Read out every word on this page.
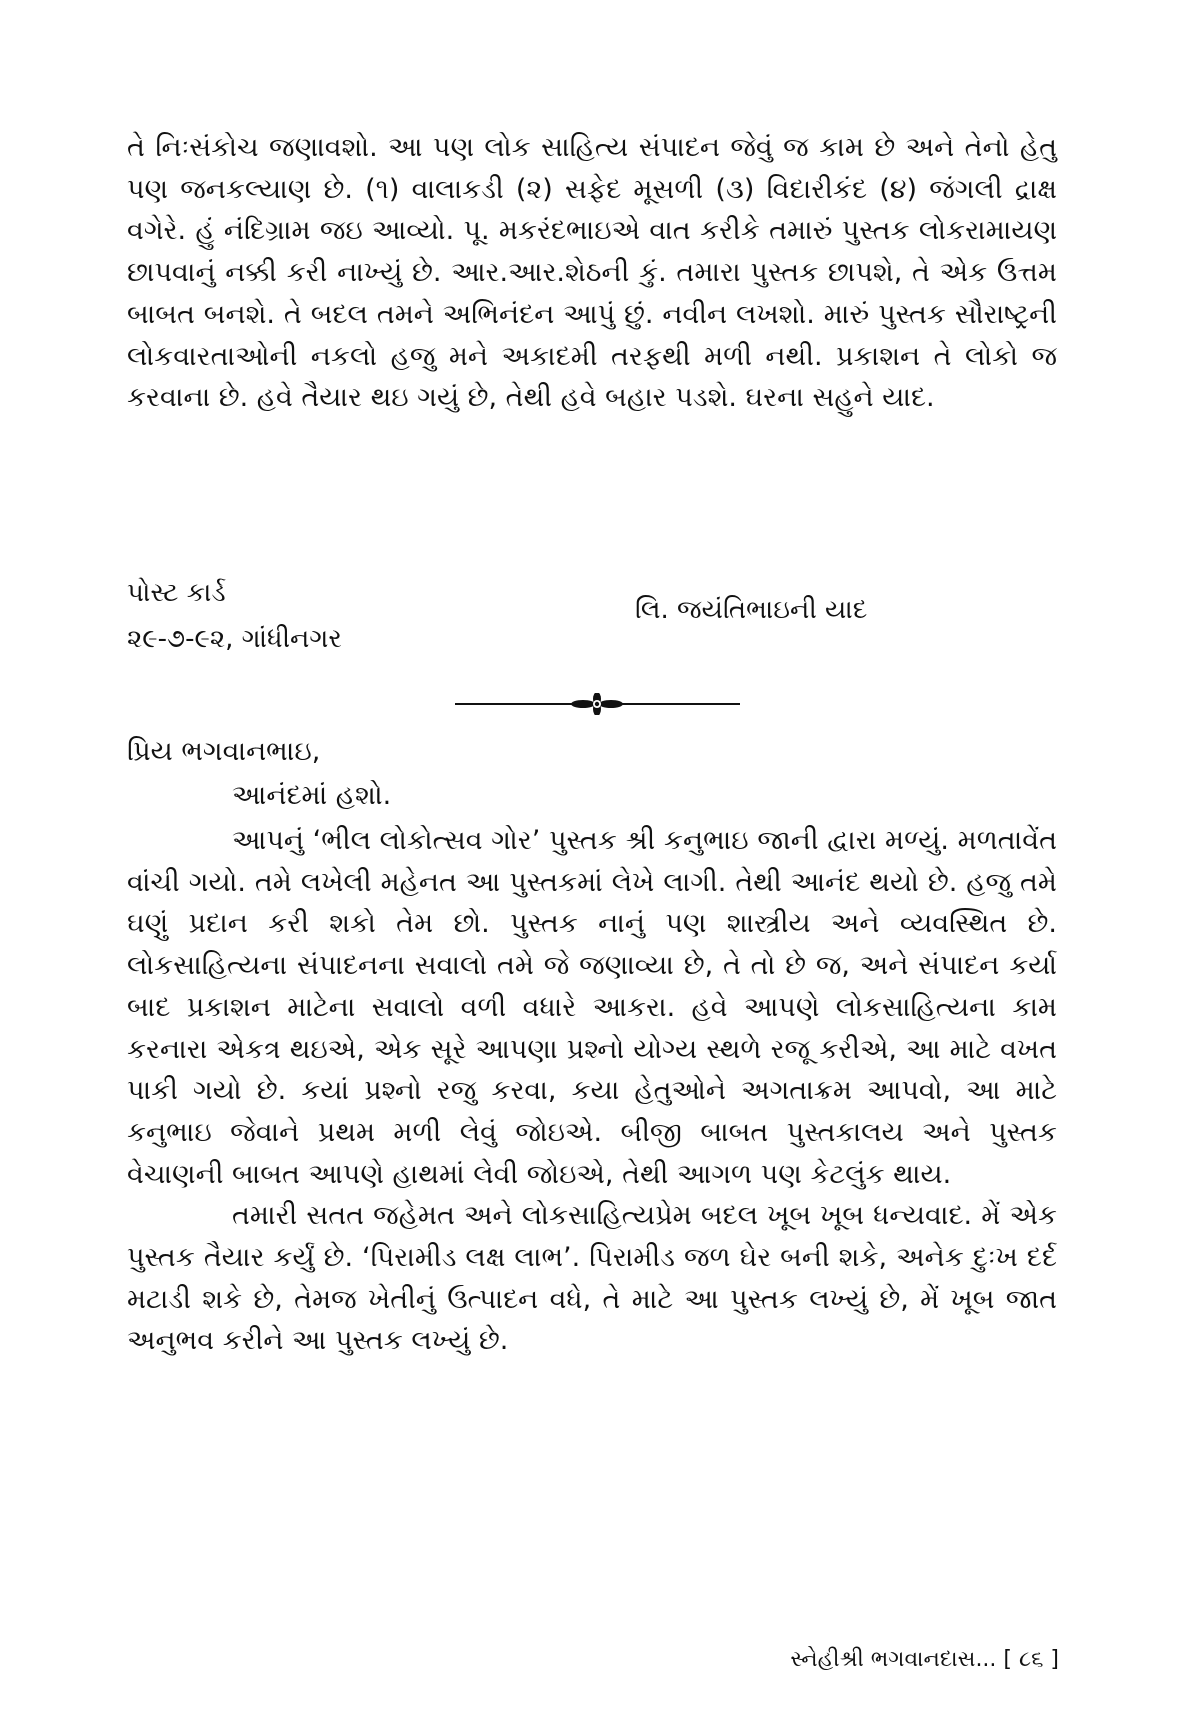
તે નિઃસંકોચ જણાવશો. આ પણ લોક સાહિત્ય સંપાદન જેવું જ કામ છે અને તેનો હેતુ પણ જનકલ્યાણ છે. (૧) વાલાકડી (૨) સફેદ મૂસળી (૩) વિદારીકંદ (૪) જંગલી દ્રાક્ષ વગેરે. હું નંદિગ્રામ જઇ આવ્યો. પૂ. મકરંદભાઇએ વાત કરીકે તમારું પુસ્તક લોકરામાયણ છાપવાનું નક્કી કરી નાખ્યું છે. આર.આર.શેઠની કું. તમારા પુસ્તક છાપશે, તે એક ઉત્તમ બાબત બનશે. તે બદલ તમને અભિનંદન આપું છું. નવીન લખશો. મારું પુસ્તક સૌરાષ્ટ્રની લોકવારતાઓની નકલો હજુ મને અકાદમી તરફથી મળી નથી. પ્રકાશન તે લોકો જ કરવાના છે. હવે તૈયાર થઇ ગયું છે, તેથી હવે બહાર પડશે. ઘરના સહુને યાદ.

પોસ્ટ કાર્ડ
૨૯-૭-૯૨, ગાંધીનગર
લિ. જયંતિભાઇની યાદ

પ્રિય ભગવાનભાઇ,

આનંદમાં હશો.

આપનું ‘ભીલ લોકોત્સવ ગોર’ પુસ્તક શ્રી કનુભાઇ જાની દ્વારા મળ્યું. મળતાવેંત વાંચી ગયો. તમે લખેલી મહેનત આ પુસ્તકમાં લેખે લાગી. તેથી આનંદ થયો છે. હજુ તમે ઘણું પ્રદાન કરી શકો તેમ છો. પુસ્તક નાનું પણ શાસ્ત્રીય અને વ્યવસ્થિત છે. લોકસાહિત્યના સંપાદનના સવાલો તમે જે જણાવ્યા છે, તે તો છે જ, અને સંપાદન કર્યા બાદ પ્રકાશન માટેના સવાલો વળી વધારે આકરા. હવે આપણે લોકસાહિત્યના કામ કરનારા એકત્ર થઇએ, એક સૂરે આપણા પ્રશ્નો યોગ્ય સ્થળે રજૂ કરીએ, આ માટે વખત પાકી ગયો છે. કયાં પ્રશ્નો રજુ કરવા, કયા હેતુઓને અગતાક્રમ આપવો, આ માટે કનુભાઇ જેવાને પ્રથમ મળી લેવું જોઇએ. બીજી બાબત પુસ્તકાલય અને પુસ્તક વેચાણની બાબત આપણે હાથમાં લેવી જોઇએ, તેથી આગળ પણ કેટલુંક થાય.

તમારી સતત જહેમત અને લોકસાહિત્યપ્રેમ બદલ ખૂબ ખૂબ ધન્યવાદ. મેં એક પુસ્તક તૈયાર કર્યું છે. ‘પિરામીડ લક્ષ લાભ’. પિરામીડ જળ ઘેર બની શકે, અનેક દુઃખ દર્દ મટાડી શકે છે, તેમજ ખેતીનું ઉત્પાદન વધે, તે માટે આ પુસ્તક લખ્યું છે, મેં ખૂબ જાત અનુભવ કરીને આ પુસ્તક લખ્યું છે.

સ્નેહીશ્રી ભગવાનદાસ... [ ૮૬ ]
